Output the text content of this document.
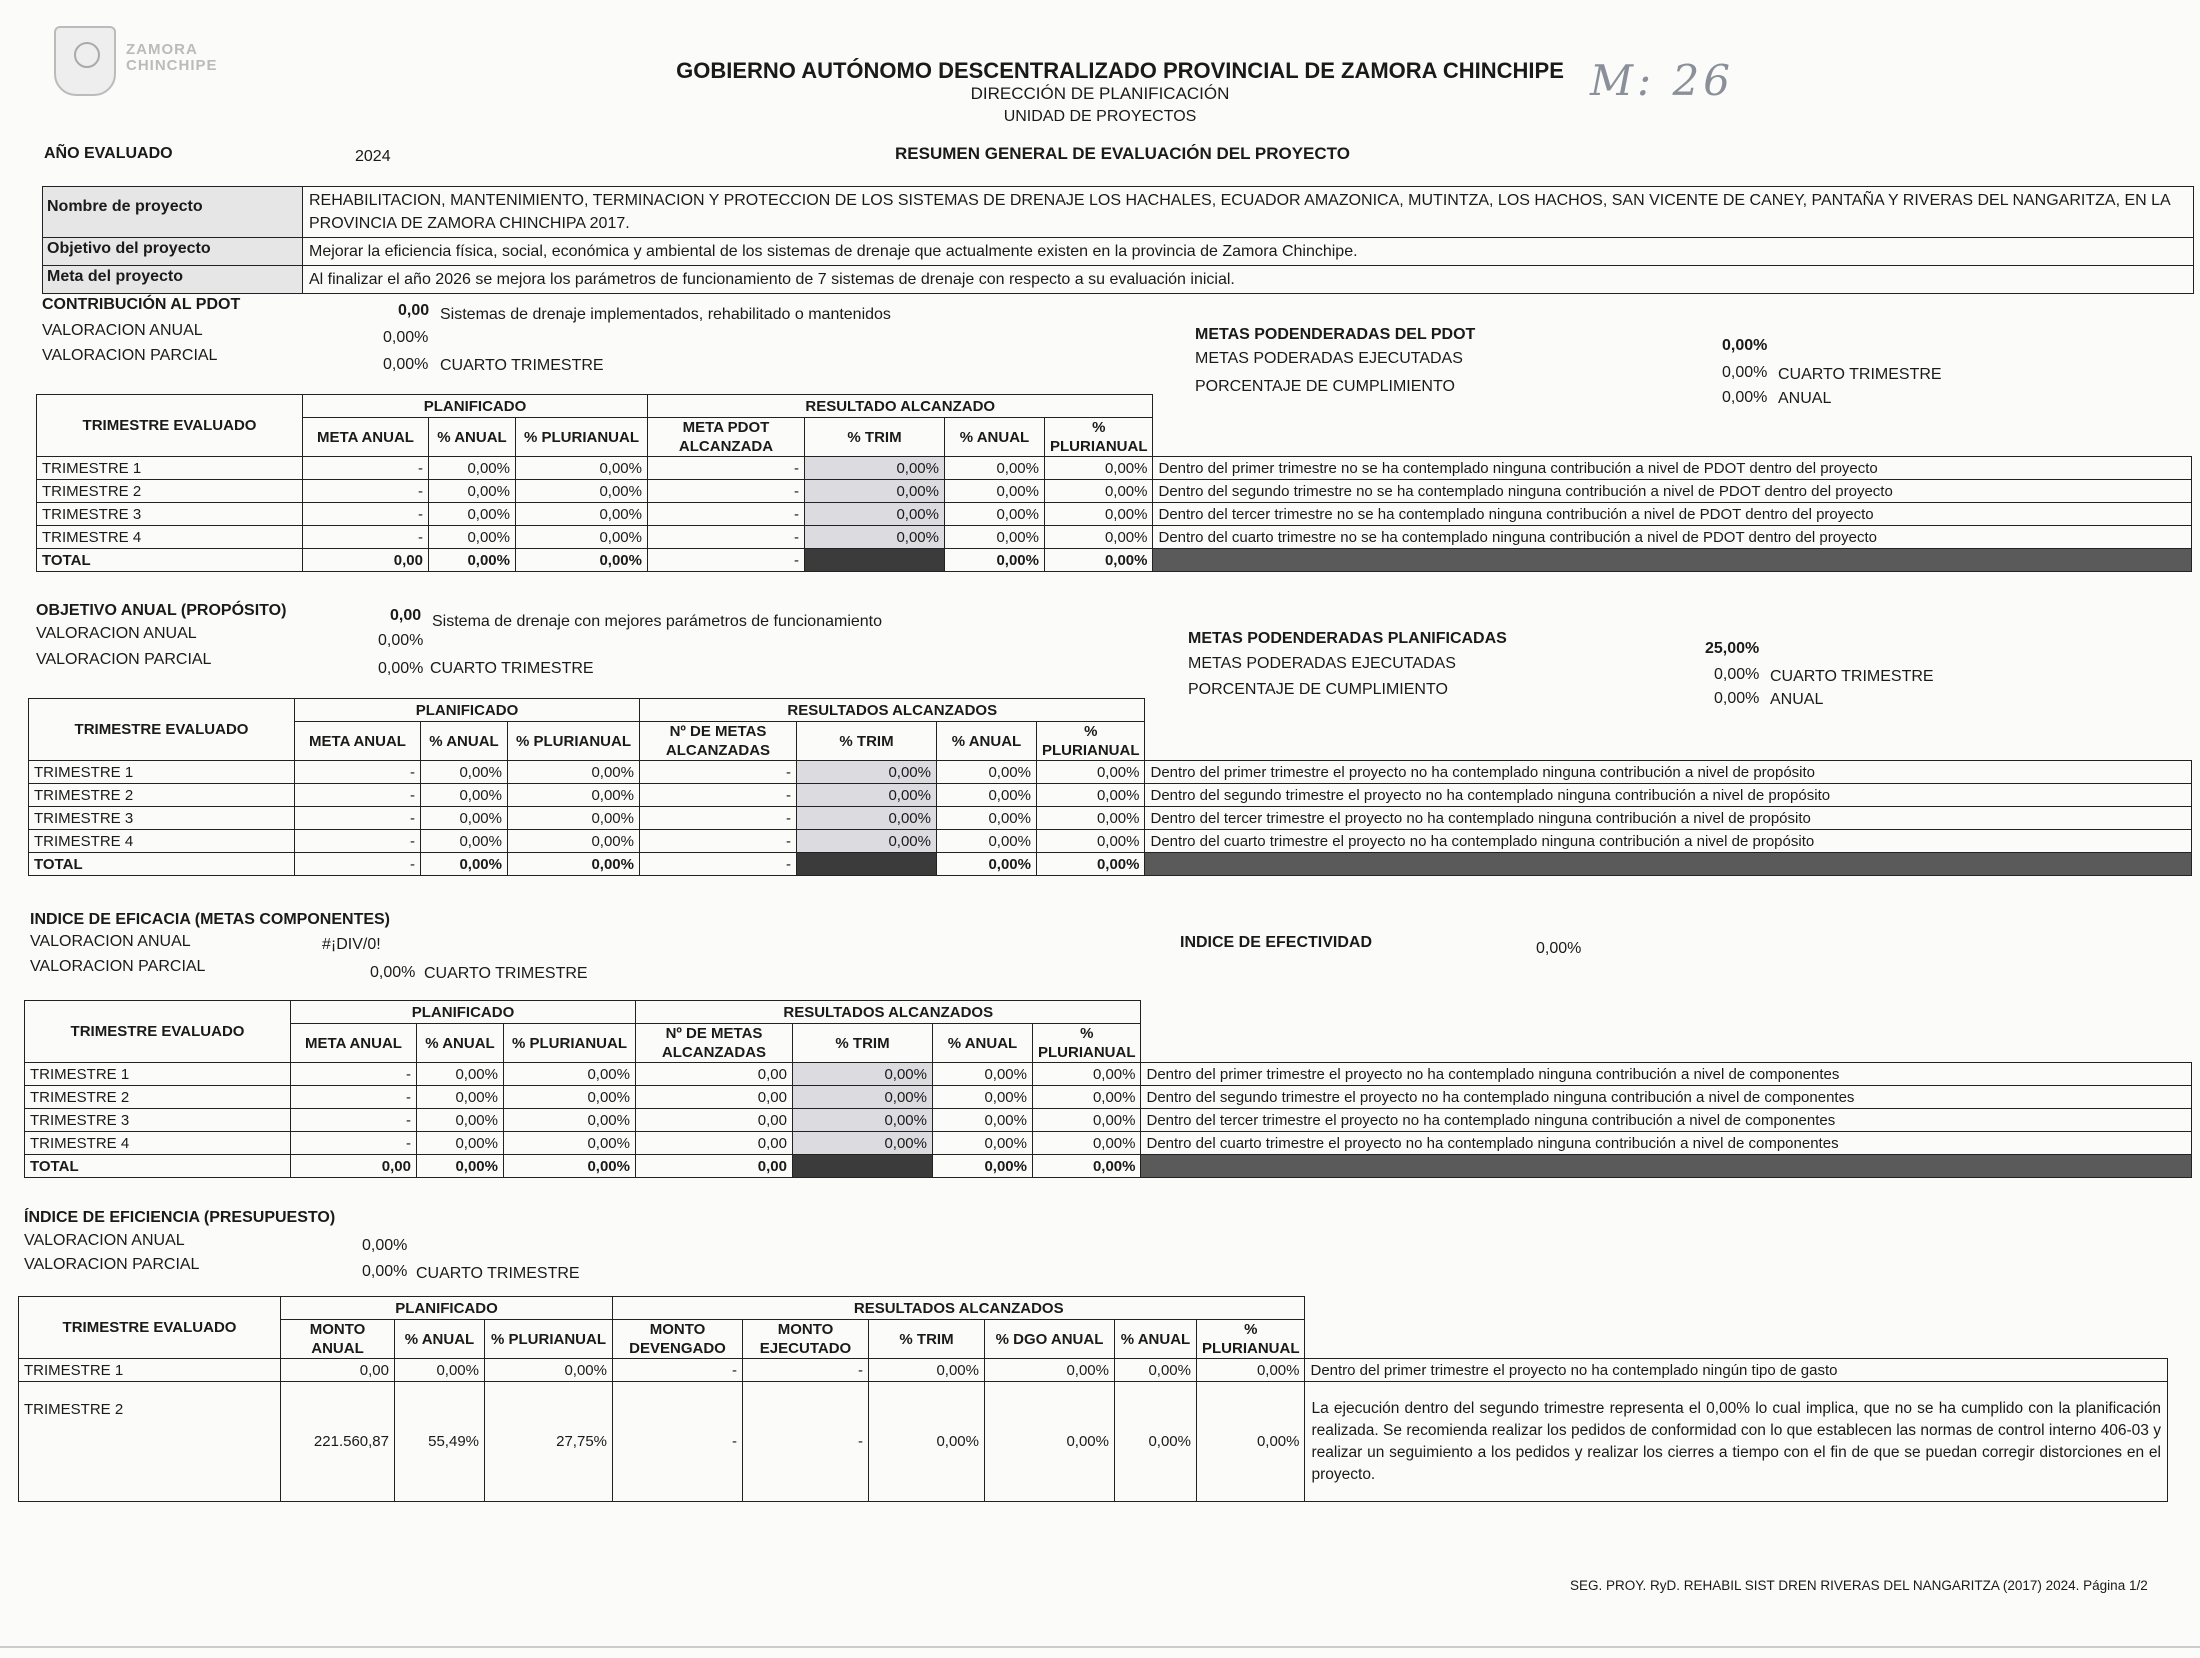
ZAMORA
CHINCHIPE	GOBIERNO AUTÓNOMO DESCENTRALIZADO PROVINCIAL DE ZAMORA CHINCHIPE
DIRECCIÓN DE PLANIFICACIÓN
UNIDAD DE PROYECTOS
M: 26
AÑO EVALUADO	2024	RESUMEN GENERAL DE EVALUACIÓN DEL PROYECTO
Nombre de proyecto	REHABILITACION, MANTENIMIENTO, TERMINACION Y PROTECCION DE LOS SISTEMAS DE DRENAJE LOS HACHALES, ECUADOR AMAZONICA, MUTINTZA, LOS HACHOS, SAN VICENTE DE CANEY, PANTAÑA Y RIVERAS DEL NANGARITZA, EN LA PROVINCIA DE ZAMORA CHINCHIPA 2017.
Objetivo del proyecto	Mejorar la eficiencia física, social, económica y ambiental de los sistemas de drenaje que actualmente existen en la provincia de Zamora Chinchipe.
Meta del proyecto	Al finalizar el año 2026 se mejora los parámetros de funcionamiento de 7 sistemas de drenaje con respecto a su evaluación inicial.
CONTRIBUCIÓN AL PDOT	0,00 Sistemas de drenaje implementados, rehabilitado o mantenidos
VALORACION ANUAL	0,00%
VALORACION PARCIAL
0,00% CUARTO TRIMESTRE
METAS PODENDERADAS DEL PDOT
0,00%
METAS PODERADAS EJECUTADAS
0,00% CUARTO TRIMESTRE
PORCENTAJE DE CUMPLIMIENTO
0,00% ANUAL
TRIMESTRE EVALUADO	PLANIFICADO			RESULTADO ALCANZADO				
	META ANUAL	% ANUAL	% PLURIANUAL	META PDOT ALCANZADA	% TRIM	% ANUAL	% PLURIANUAL	

TRIMESTRE 1	-	0,00%	0,00%	-	0,00%	0,00%	0,00%	Dentro del primer trimestre no se ha contemplado ninguna contribución a nivel de PDOT dentro del proyecto
TRIMESTRE 2	-	0,00%	0,00%	-	0,00%	0,00%	0,00%	Dentro del segundo trimestre no se ha contemplado ninguna contribución a nivel de PDOT dentro del proyecto
TRIMESTRE 3	-	0,00%	0,00%	-	0,00%	0,00%	0,00%	Dentro del tercer trimestre no se ha contemplado ninguna contribución a nivel de PDOT dentro del proyecto
TRIMESTRE 4	-	0,00%	0,00%	-	0,00%	0,00%	0,00%	Dentro del cuarto trimestre no se ha contemplado ninguna contribución a nivel de PDOT dentro del proyecto
TOTAL	0,00	0,00%	0,00%	-		0,00%	0,00%	
OBJETIVO ANUAL (PROPÓSITO)	0,00 Sistema de drenaje con mejores parámetros de funcionamiento
VALORACION ANUAL	0,00%
VALORACION PARCIAL
0,00% CUARTO TRIMESTRE
METAS PODENDERADAS PLANIFICADAS
25,00%
METAS PODERADAS EJECUTADAS
0,00% CUARTO TRIMESTRE
PORCENTAJE DE CUMPLIMIENTO
0,00% ANUAL
TRIMESTRE EVALUADO	PLANIFICADO			RESULTADOS ALCANZADOS				
	META ANUAL	% ANUAL	% PLURIANUAL	Nº DE METAS ALCANZADAS	% TRIM	% ANUAL	% PLURIANUAL	

TRIMESTRE 1	-	0,00%	0,00%	-	0,00%	0,00%	0,00%	Dentro del primer trimestre el proyecto no ha contemplado ninguna contribución a nivel de propósito
TRIMESTRE 2	-	0,00%	0,00%	-	0,00%	0,00%	0,00%	Dentro del segundo trimestre el proyecto no ha contemplado ninguna contribución a nivel de propósito
TRIMESTRE 3	-	0,00%	0,00%	-	0,00%	0,00%	0,00%	Dentro del tercer trimestre el proyecto no ha contemplado ninguna contribución a nivel de propósito
TRIMESTRE 4	-	0,00%	0,00%	-	0,00%	0,00%	0,00%	Dentro del cuarto trimestre el proyecto no ha contemplado ninguna contribución a nivel de propósito
TOTAL	-	0,00%	0,00%	-		0,00%	0,00%	
INDICE DE EFICACIA (METAS COMPONENTES)
VALORACION ANUAL	#¡DIV/0!
VALORACION PARCIAL	0,00% CUARTO TRIMESTRE
INDICE DE EFECTIVIDAD	0,00%
TRIMESTRE EVALUADO	PLANIFICADO			RESULTADOS ALCANZADOS				
	META ANUAL	% ANUAL	% PLURIANUAL	Nº DE METAS ALCANZADAS	% TRIM	% ANUAL	% PLURIANUAL	

TRIMESTRE 1	-	0,00%	0,00%	0,00	0,00%	0,00%	0,00%	Dentro del primer trimestre el proyecto no ha contemplado ninguna contribución a nivel de componentes
TRIMESTRE 2	-	0,00%	0,00%	0,00	0,00%	0,00%	0,00%	Dentro del segundo trimestre el proyecto no ha contemplado ninguna contribución a nivel de componentes
TRIMESTRE 3	-	0,00%	0,00%	0,00	0,00%	0,00%	0,00%	Dentro del tercer trimestre el proyecto no ha contemplado ninguna contribución a nivel de componentes
TRIMESTRE 4	-	0,00%	0,00%	0,00	0,00%	0,00%	0,00%	Dentro del cuarto trimestre el proyecto no ha contemplado ninguna contribución a nivel de componentes
TOTAL	0,00	0,00%	0,00%	0,00		0,00%	0,00%	
ÍNDICE DE EFICIENCIA (PRESUPUESTO)
VALORACION ANUAL	0,00%
VALORACION PARCIAL	0,00% CUARTO TRIMESTRE
TRIMESTRE EVALUADO	PLANIFICADO			RESULTADOS ALCANZADOS						
	MONTO ANUAL	% ANUAL	% PLURIANUAL	MONTO DEVENGADO	MONTO EJECUTADO	% TRIM	% DGO ANUAL	% ANUAL	% PLURIANUAL	

TRIMESTRE 1	0,00	0,00%	0,00%	-	-	0,00%	0,00%	0,00%	0,00%	Dentro del primer trimestre el proyecto no ha contemplado ningún tipo de gasto
TRIMESTRE 2	221.560,87	55,49%	27,75%	-	-	0,00%	0,00%	0,00%	0,00%	La ejecución dentro del segundo trimestre representa el 0,00% lo cual implica, que no se ha cumplido con la planificación realizada. Se recomienda realizar los pedidos de conformidad con lo que establecen las normas de control interno 406-03 y realizar un seguimiento a los pedidos y realizar los cierres a tiempo con el fin de que se puedan corregir distorciones en el proyecto.
SEG. PROY. RyD. REHABIL SIST DREN RIVERAS DEL NANGARITZA (2017) 2024. Página 1/2
